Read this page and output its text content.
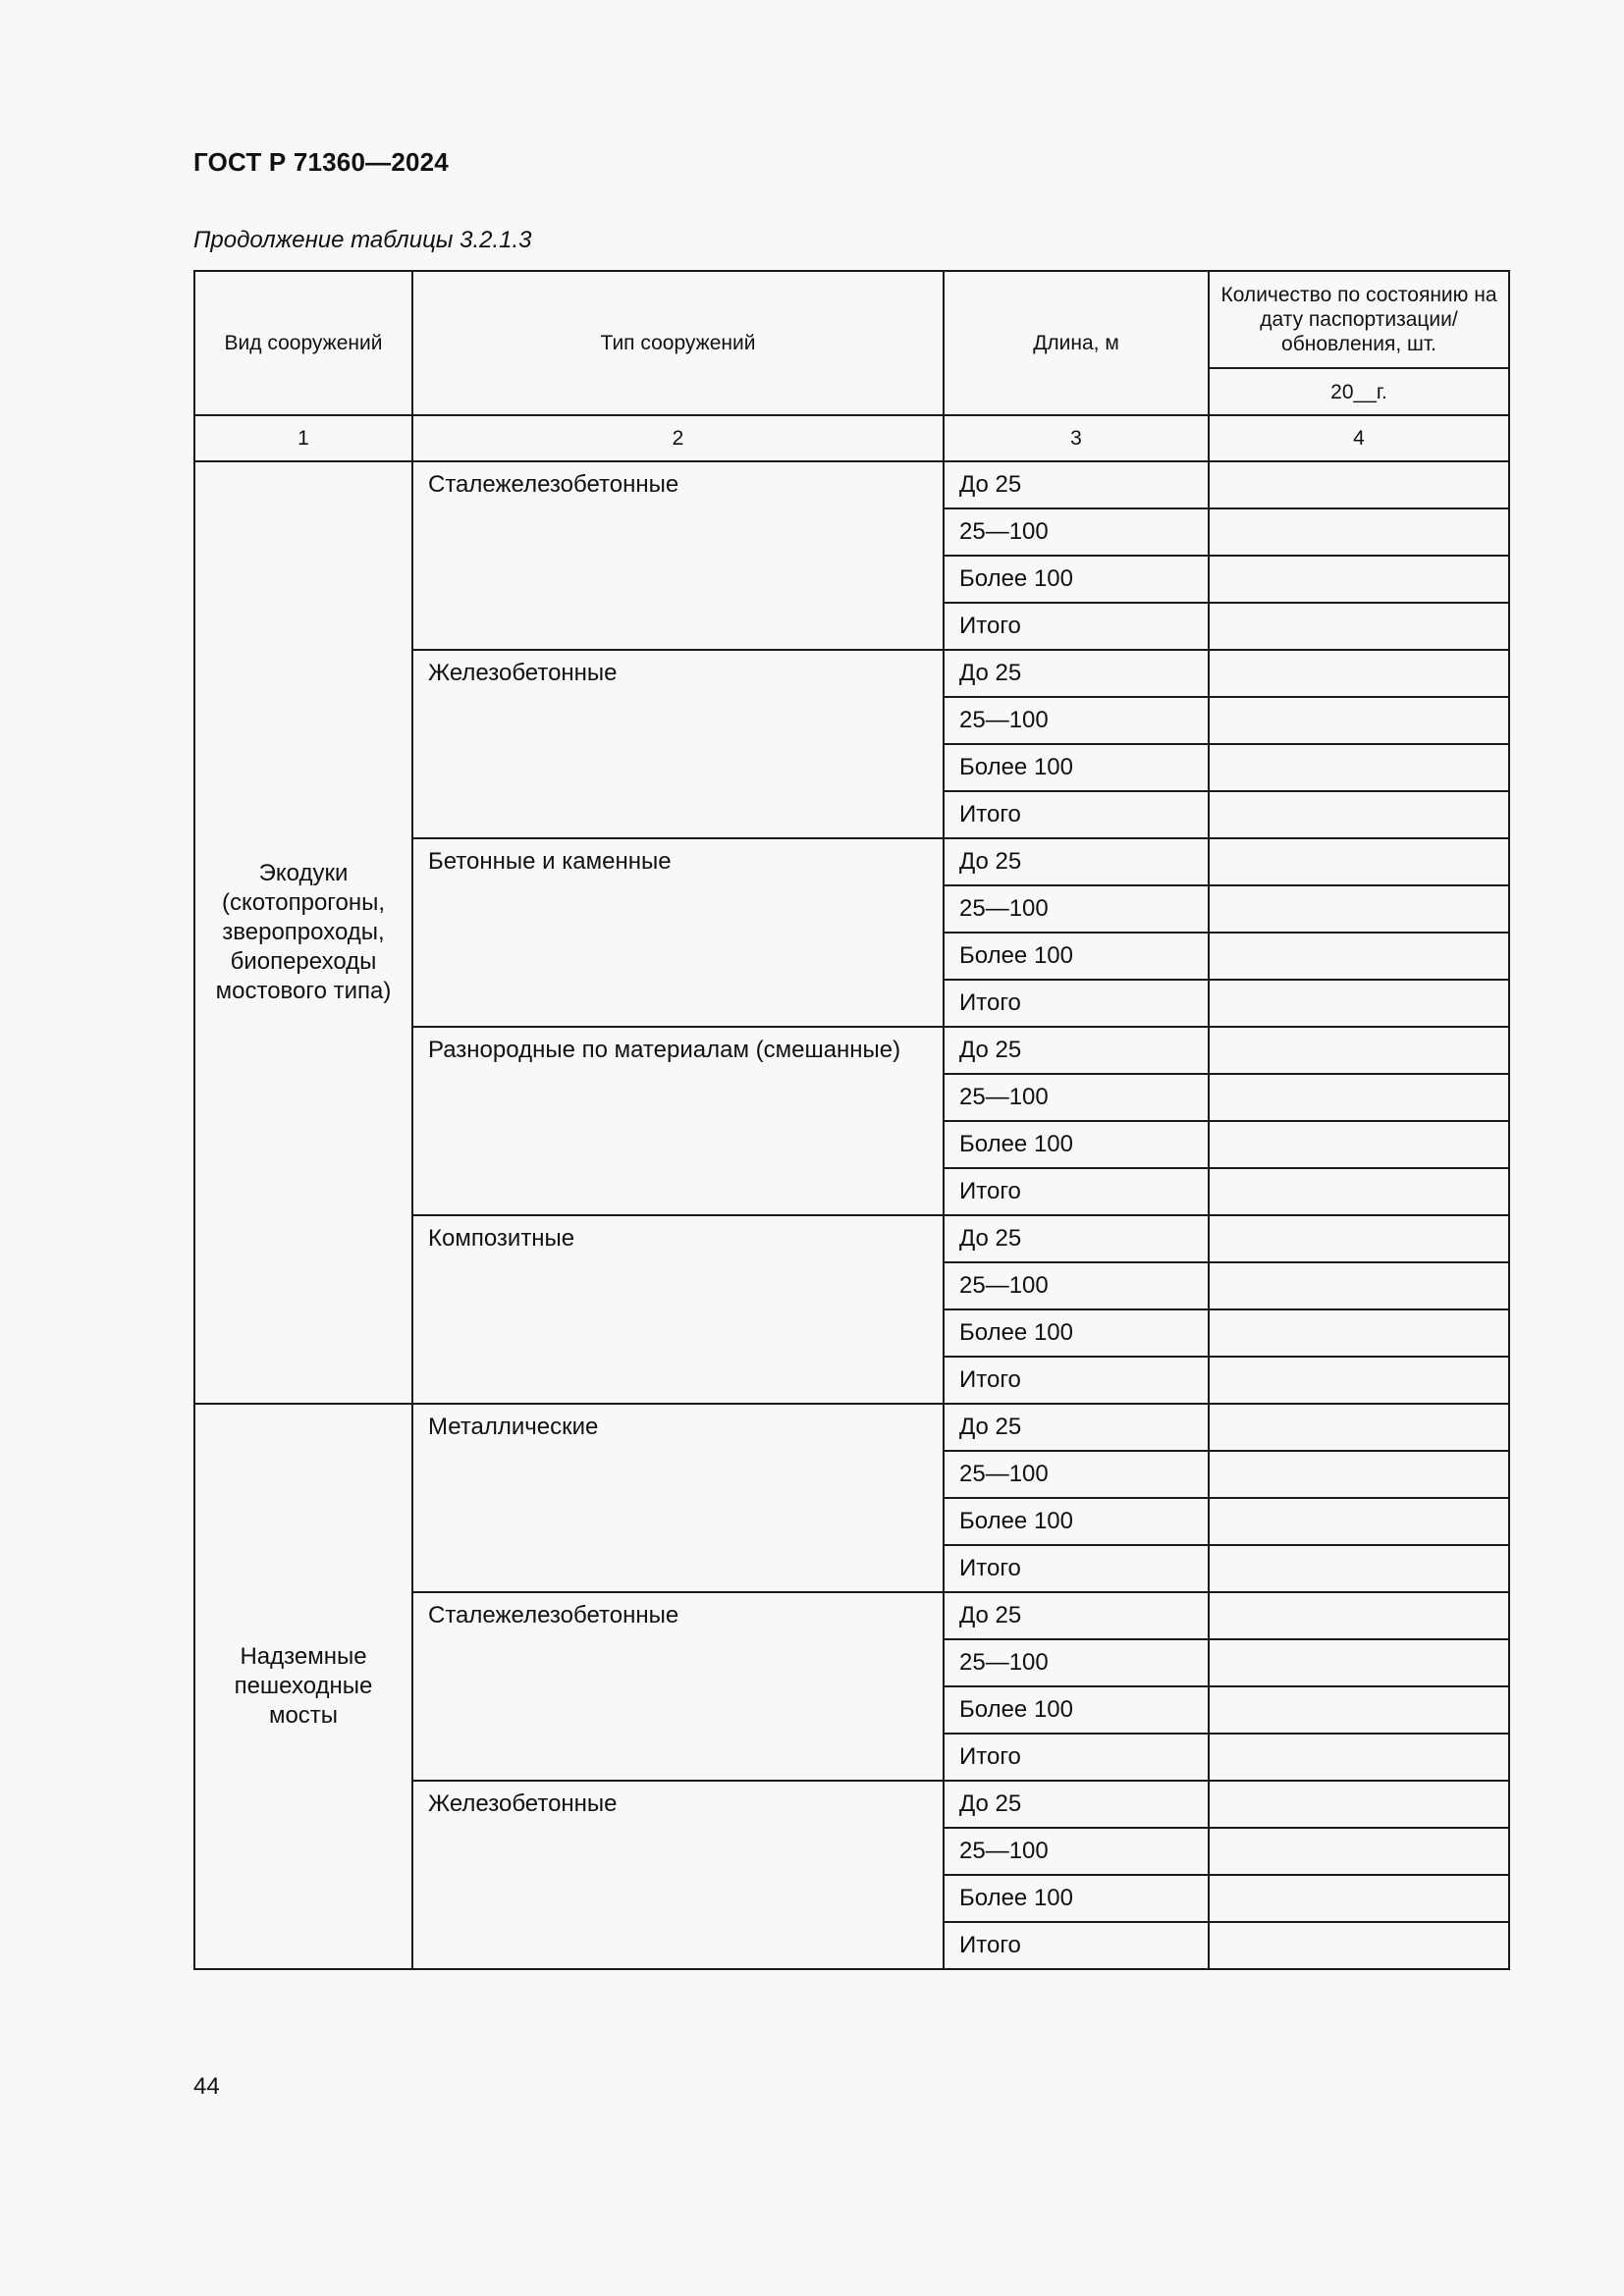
ГОСТ Р 71360—2024
Продолжение таблицы 3.2.1.3
Вид сооружений	Тип сооружений	Длина, м	Количество по состоянию на дату паспортизации/ обновления, шт.
			20__г.
1	2	3	4
Экодуки (скотопрогоны, зверопроходы, биопереходы мостового типа)	Сталежелезобетонные	До 25	
		25—100	
		Более 100	
		Итого	
	Железобетонные	До 25	
		25—100	
		Более 100	
		Итого	
	Бетонные и каменные	До 25	
		25—100	
		Более 100	
		Итого	
	Разнородные по материалам (смешанные)	До 25	
		25—100	
		Более 100	
		Итого	
	Композитные	До 25	
		25—100	
		Более 100	
		Итого	
Надземные пешеходные мосты	Металлические	До 25	
		25—100	
		Более 100	
		Итого	
	Сталежелезобетонные	До 25	
		25—100	
		Более 100	
		Итого	
	Железобетонные	До 25	
		25—100	
		Более 100	
		Итого	
44
